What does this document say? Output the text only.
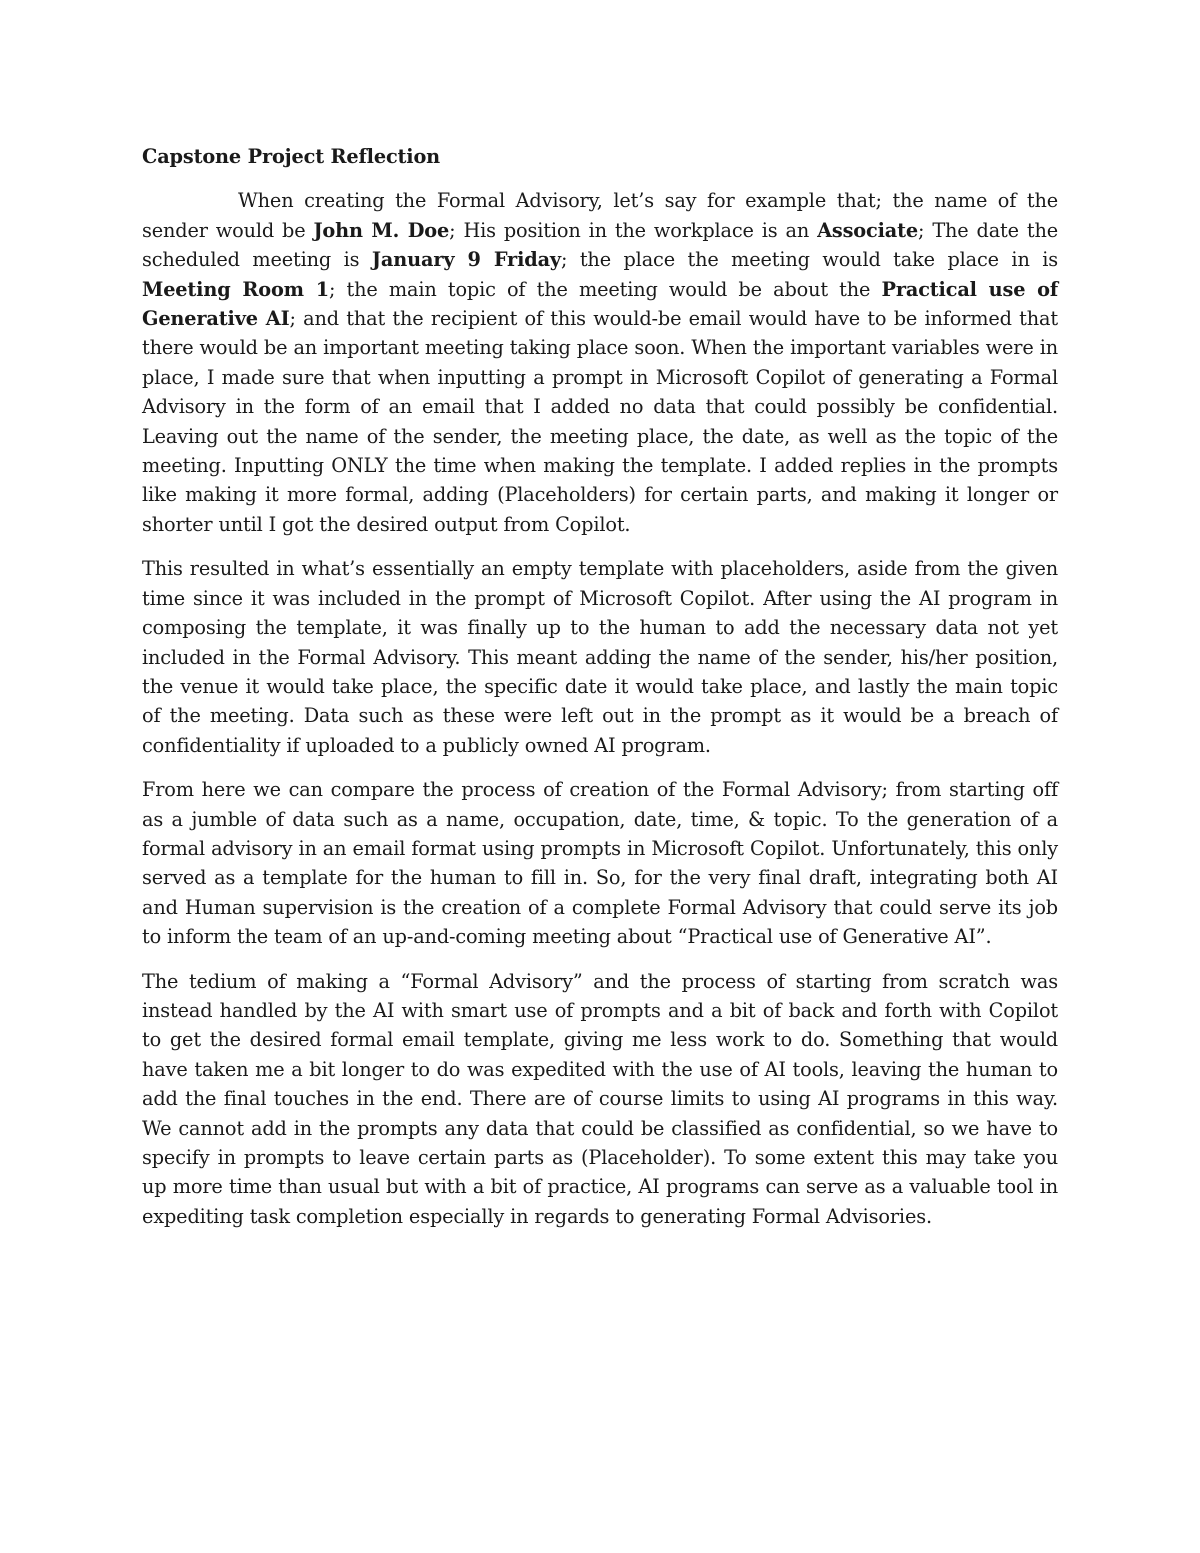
Capstone Project Reflection

When creating the Formal Advisory, let’s say for example that; the name of the sender would be John M. Doe; His position in the workplace is an Associate; The date the scheduled meeting is January 9 Friday; the place the meeting would take place in is Meeting Room 1; the main topic of the meeting would be about the Practical use of Generative AI; and that the recipient of this would-be email would have to be informed that there would be an important meeting taking place soon. When the important variables were in place, I made sure that when inputting a prompt in Microsoft Copilot of generating a Formal Advisory in the form of an email that I added no data that could possibly be confidential. Leaving out the name of the sender, the meeting place, the date, as well as the topic of the meeting. Inputting ONLY the time when making the template. I added replies in the prompts like making it more formal, adding (Placeholders) for certain parts, and making it longer or shorter until I got the desired output from Copilot.

This resulted in what’s essentially an empty template with placeholders, aside from the given time since it was included in the prompt of Microsoft Copilot. After using the AI program in composing the template, it was finally up to the human to add the necessary data not yet included in the Formal Advisory. This meant adding the name of the sender, his/her position, the venue it would take place, the specific date it would take place, and lastly the main topic of the meeting. Data such as these were left out in the prompt as it would be a breach of confidentiality if uploaded to a publicly owned AI program.

From here we can compare the process of creation of the Formal Advisory; from starting off as a jumble of data such as a name, occupation, date, time, & topic. To the generation of a formal advisory in an email format using prompts in Microsoft Copilot. Unfortunately, this only served as a template for the human to fill in. So, for the very final draft, integrating both AI and Human supervision is the creation of a complete Formal Advisory that could serve its job to inform the team of an up-and-coming meeting about “Practical use of Generative AI”.

The tedium of making a “Formal Advisory” and the process of starting from scratch was instead handled by the AI with smart use of prompts and a bit of back and forth with Copilot to get the desired formal email template, giving me less work to do. Something that would have taken me a bit longer to do was expedited with the use of AI tools, leaving the human to add the final touches in the end. There are of course limits to using AI programs in this way. We cannot add in the prompts any data that could be classified as confidential, so we have to specify in prompts to leave certain parts as (Placeholder). To some extent this may take you up more time than usual but with a bit of practice, AI programs can serve as a valuable tool in expediting task completion especially in regards to generating Formal Advisories.
